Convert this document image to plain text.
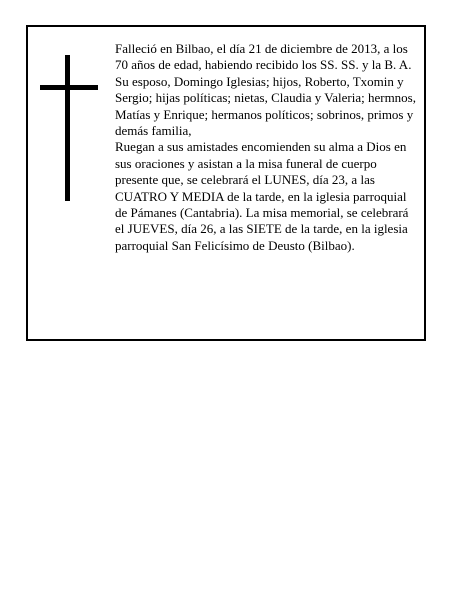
Falleció en Bilbao, el día 21 de diciembre de 2013, a los 70 años de edad, habiendo recibido los SS. SS. y la B. A.

Su esposo, Domingo Iglesias; hijos, Roberto, Txomin y Sergio; hijas políticas; nietas, Claudia y Valeria; hermnos, Matías y Enrique; hermanos políticos; sobrinos, primos y demás familia,

Ruegan a sus amistades encomienden su alma a Dios en sus oraciones y asistan a la misa funeral de cuerpo presente que, se celebrará el LUNES, día 23, a las CUATRO Y MEDIA de la tarde, en la iglesia parroquial de Pámanes (Cantabria). La misa memorial, se celebrará el JUEVES, día 26, a las SIETE de la tarde, en la iglesia parroquial San Felicísimo de Deusto (Bilbao).
